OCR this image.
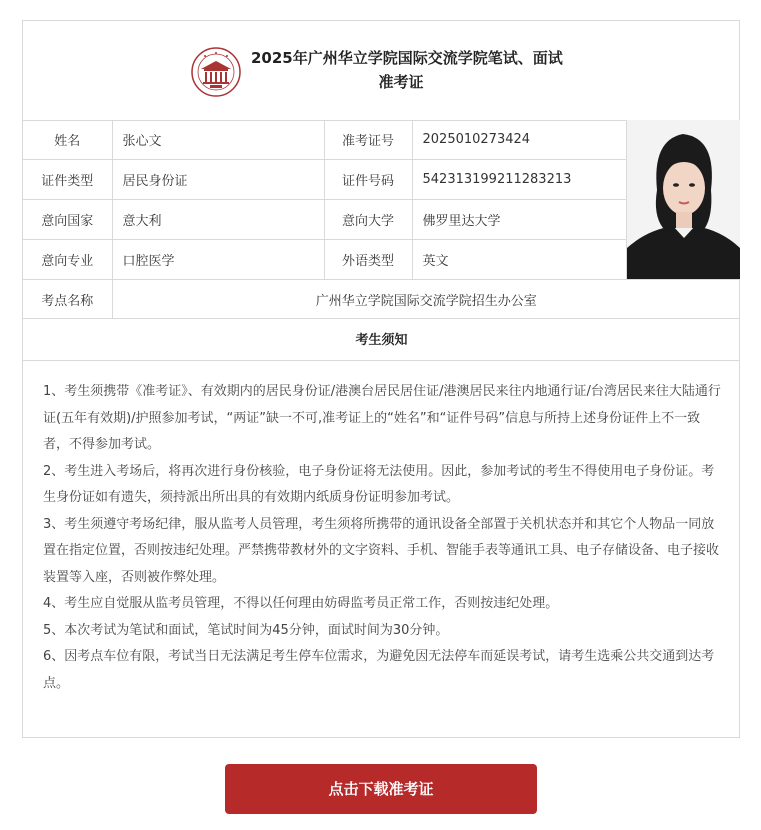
2025年广州华立学院国际交流学院笔试、面试
准考证
姓名	张心文	准考证号	2025010273424	

证件类型	居民身份证	证件号码	542313199211283213	
意向国家	意大利	意向大学	佛罗里达大学	
意向专业	口腔医学	外语类型	英文	
考点名称	广州华立学院国际交流学院招生办公室			
考生须知

1、考生须携带《准考证》、有效期内的居民身份证/港澳台居民居住证/港澳居民来往内地通行证/台湾居民来往大陆通行证(五年有效期)/护照参加考试，“两证”缺一不可,准考证上的“姓名”和“证件号码”信息与所持上述身份证件上不一致者，不得参加考试。

2、考生进入考场后，将再次进行身份核验，电子身份证将无法使用。因此，参加考试的考生不得使用电子身份证。考生身份证如有遗失，须持派出所出具的有效期内纸质身份证明参加考试。

3、考生须遵守考场纪律，服从监考人员管理，考生须将所携带的通讯设备全部置于关机状态并和其它个人物品一同放置在指定位置，否则按违纪处理。严禁携带教材外的文字资料、手机、智能手表等通讯工具、电子存储设备、电子接收装置等入座，否则被作弊处理。

4、考生应自觉服从监考员管理，不得以任何理由妨碍监考员正常工作，否则按违纪处理。

5、本次考试为笔试和面试，笔试时间为45分钟，面试时间为30分钟。

6、因考点车位有限，考试当日无法满足考生停车位需求，为避免因无法停车而延误考试，请考生选乘公共交通到达考点。

点击下载准考证
